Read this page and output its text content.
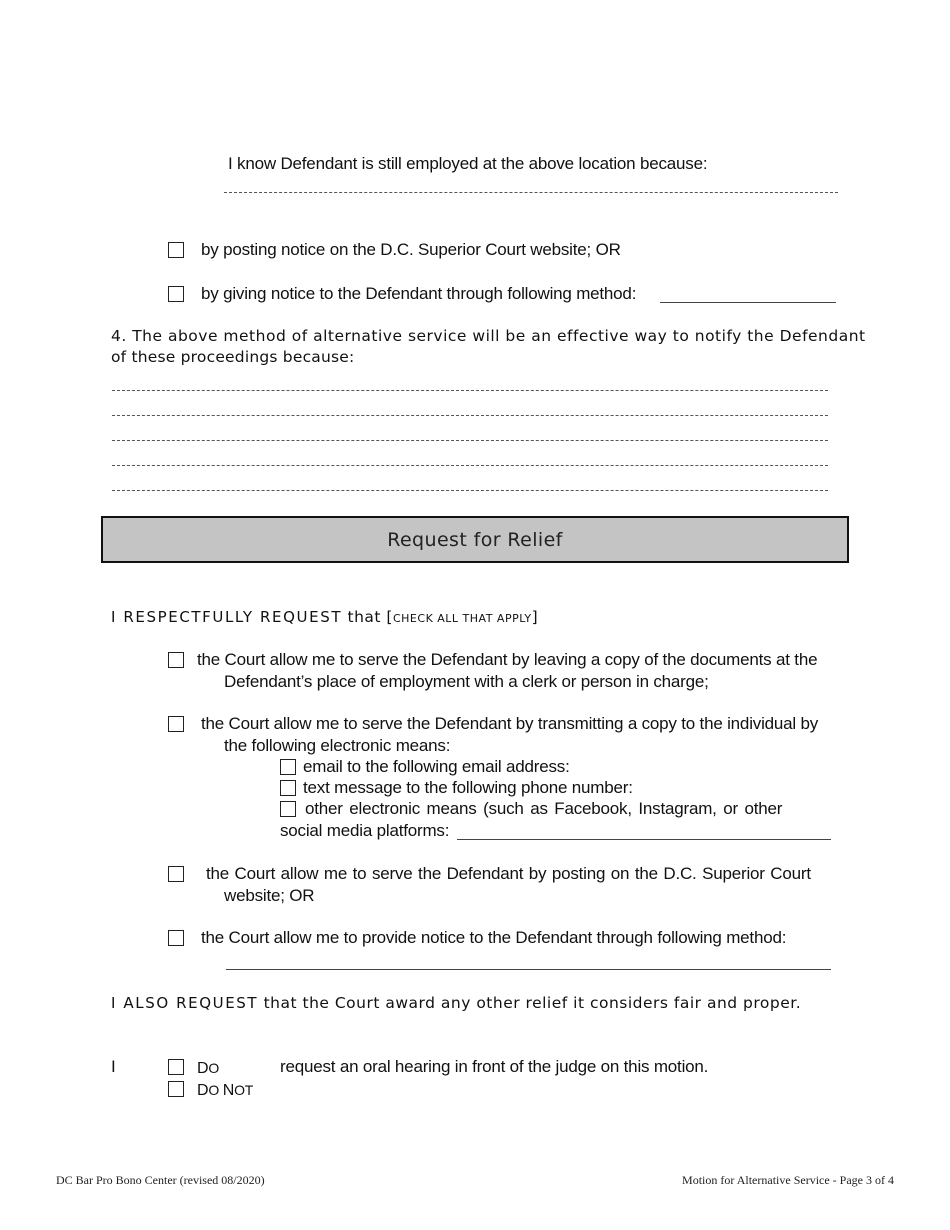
I know Defendant is still employed at the above location because:
by posting notice on the D.C. Superior Court website; OR
by giving notice to the Defendant through following method:
4. The above method of alternative service will be an effective way to notify the Defendant
of these proceedings because:
Request for Relief
I RESPECTFULLY REQUEST that [CHECK ALL THAT APPLY]
the Court allow me to serve the Defendant by leaving a copy of the documents at the
Defendant’s place of employment with a clerk or person in charge;
the Court allow me to serve the Defendant by transmitting a copy to the individual by
the following electronic means:
email to the following email address:
text message to the following phone number:
other electronic means (such as Facebook, Instagram, or other
social media platforms:
the Court allow me to serve the Defendant by posting on the D.C. Superior Court
website; OR
the Court allow me to provide notice to the Defendant through following method:
I ALSO REQUEST that the Court award any other relief it considers fair and proper.
I	DO
DO NOT
request an oral hearing in front of the judge on this motion.
DC Bar Pro Bono Center (revised 08/2020)	Motion for Alternative Service - Page 3 of 4
